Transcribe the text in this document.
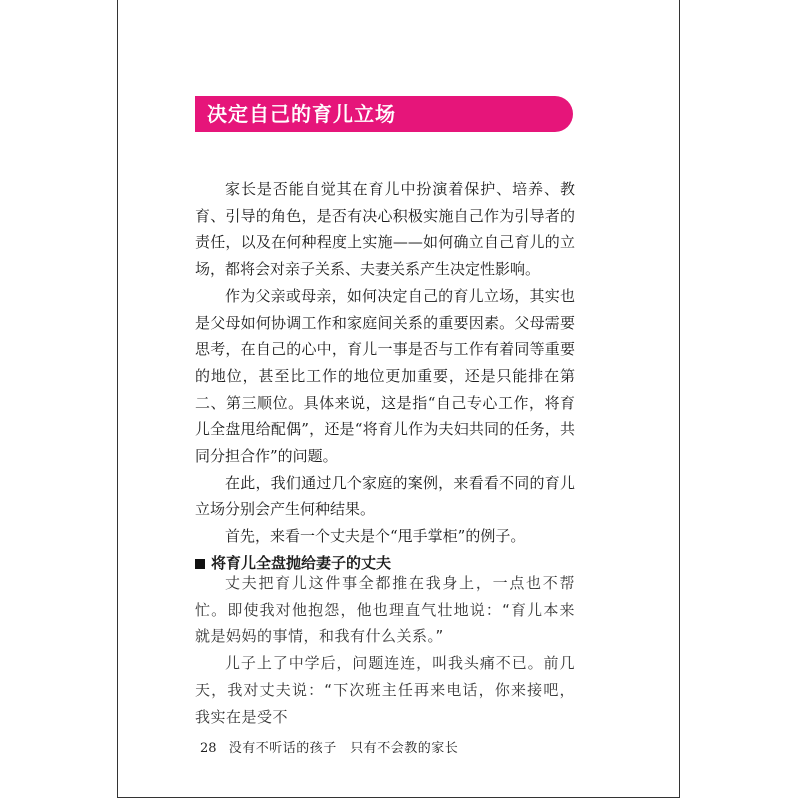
决定自己的育儿立场

家长是否能自觉其在育儿中扮演着保护、培养、教育、引导的角色，是否有决心积极实施自己作为引导者的责任，以及在何种程度上实施——如何确立自己育儿的立场，都将会对亲子关系、夫妻关系产生决定性影响。

作为父亲或母亲，如何决定自己的育儿立场，其实也是父母如何协调工作和家庭间关系的重要因素。父母需要思考，在自己的心中，育儿一事是否与工作有着同等重要的地位，甚至比工作的地位更加重要，还是只能排在第二、第三顺位。具体来说，这是指“自己专心工作，将育儿全盘甩给配偶”，还是“将育儿作为夫妇共同的任务，共同分担合作”的问题。

在此，我们通过几个家庭的案例，来看看不同的育儿立场分别会产生何种结果。

首先，来看一个丈夫是个“甩手掌柜”的例子。

将育儿全盘抛给妻子的丈夫

丈夫把育儿这件事全都推在我身上，一点也不帮忙。即使我对他抱怨，他也理直气壮地说：“育儿本来就是妈妈的事情，和我有什么关系。”

儿子上了中学后，问题连连，叫我头痛不已。前几天，我对丈夫说：“下次班主任再来电话，你来接吧，我实在是受不

28 没有不听话的孩子　只有不会教的家长
